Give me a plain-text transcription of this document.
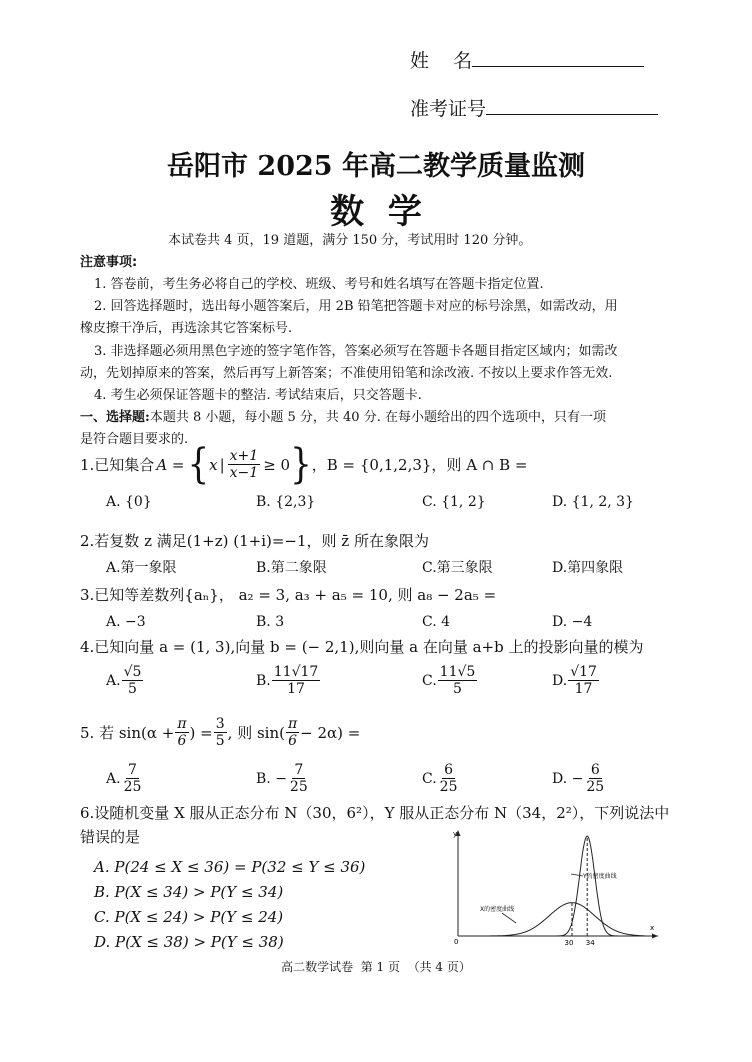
姓    名
准考证号
岳阳市 2025 年高二教学质量监测
数  学
本试卷共 4 页，19 道题，满分 150 分，考试用时 120 分钟。
注意事项:
1. 答卷前，考生务必将自己的学校、班级、考号和姓名填写在答题卡指定位置.
2. 回答选择题时，选出每小题答案后，用 2B 铅笔把答题卡对应的标号涂黑，如需改动，用
橡皮擦干净后，再选涂其它答案标号.
3. 非选择题必须用黑色字迹的签字笔作答，答案必须写在答题卡各题目指定区域内；如需改
动，先划掉原来的答案，然后再写上新答案；不准使用铅笔和涂改液. 不按以上要求作答无效.
4. 考生必须保证答题卡的整洁. 考试结束后，只交答题卡.
一、选择题:本题共 8 小题，每小题 5 分，共 40 分. 在每小题给出的四个选项中，只有一项
是符合题目要求的.
1.已知集合 A = { x | $\frac{x+1}{x-1} \ge 0$ } ，B = {0,1,2,3}，则 A ∩ B =
A. {0}	B. {2,3}	C. {1, 2}	D. {1, 2, 3}
2.若复数 z 满足(1+z) (1+i)=−1，则 z̄ 所在象限为
A.第一象限	B.第二象限	C.第三象限	D.第四象限
3.已知等差数列{aₙ}， a₂ = 3, a₃ + a₅ = 10, 则 a₈ − 2a₅ =
A. −3	B. 3	C. 4	D. −4
4.已知向量 a = (1, 3),向量 b = (− 2,1),则向量 a 在向量 a+b 上的投影向量的模为
A. $\frac{√5}{5}$	B. $\frac{11√17}{17}$	C. $\frac{11√5}{5}$	D. $\frac{√17}{17}$
5. 若 $\sin(\alpha + \frac{\pi}{6}$ ) = $\frac{3}{5}$ , 则 $\sin( \frac{\pi}{6} - 2\alpha)$ =
A. $\frac{7}{25}$	B. − $\frac{7}{25}$	C. $\frac{6}{25}$	D. − $\frac{6}{25}$
6.设随机变量 X 服从正态分布 N（30，6²），Y 服从正态分布 N（34，2²），下列说法中
错误的是
A. P(24 ≤ X ≤ 36) = P(32 ≤ Y ≤ 36)
B. P(X ≤ 34) > P(Y ≤ 34)
C. P(X ≤ 24) > P(Y ≤ 24)
D. P(X ≤ 38) > P(Y ≤ 38)
y
x
0	30 34
X的密度曲线
Y的密度曲线
高二数学试卷  第 1 页  （共 4 页）
